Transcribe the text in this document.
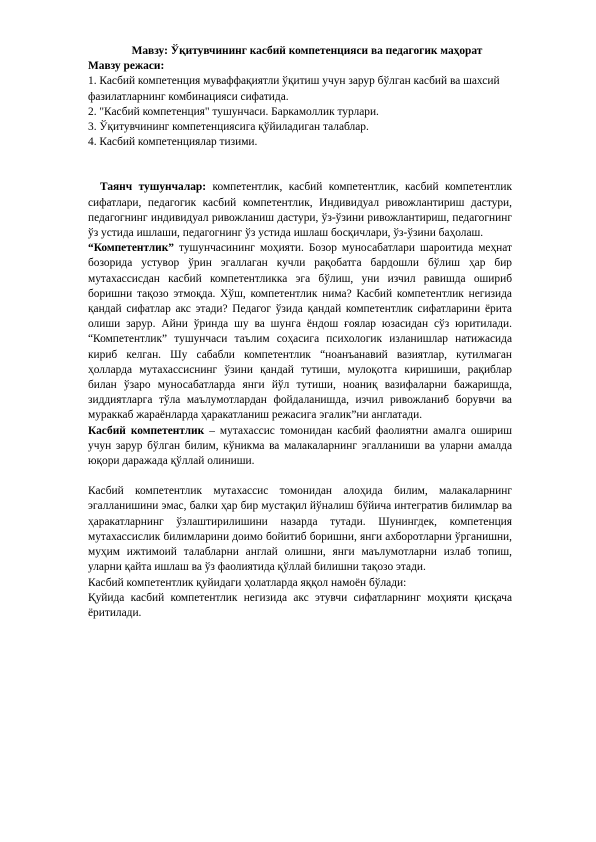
Мавзу: Ўқитувчининг касбий компетенцияси ва педагогик маҳорат

Мавзу режаси:

1. Касбий компетенция муваффақиятли ўқитиш учун зарур бўлган касбий ва шахсий фазилатларнинг комбинацияси сифатида.
2. "Касбий компетенция" тушунчаси. Баркамоллик турлари.
3. Ўқитувчининг компетенциясига қўйиладиган талаблар.
4. Касбий компетенциялар тизими.

Таянч тушунчалар: компетентлик, касбий компетентлик, касбий компетентлик сифатлари, педагогик касбий компетентлик, Индивидуал ривожлантириш дастури, педагогнинг индивидуал ривожланиш дастури, ўз-ўзини ривожлантириш, педагогнинг ўз устида ишлаши, педагогнинг ўз устида ишлаш босқичлари, ўз-ўзини баҳолаш.

“Компетентлик” тушунчасининг моҳияти. Бозор муносабатлари шароитида меҳнат бозорида устувор ўрин эгаллаган кучли рақобатга бардошли бўлиш ҳар бир мутахассисдан касбий компетентликка эга бўлиш, уни изчил равишда ошириб боришни тақозо этмоқда. Хўш, компетентлик нима? Касбий компетентлик негизида қандай сифатлар акс этади? Педагог ўзида қандай компетентлик сифатларини ёрита олиши зарур. Айни ўринда шу ва шунга ёндош ғоялар юзасидан сўз юритилади. “Компетентлик” тушунчаси таълим соҳасига психологик изланишлар натижасида кириб келган. Шу сабабли компетентлик “ноанъанавий вазиятлар, кутилмаган ҳолларда мутахассиснинг ўзини қандай тутиши, мулоқотга киришиши, рақиблар билан ўзаро муносабатларда янги йўл тутиши, ноаниқ вазифаларни бажаришда, зиддиятларга тўла маълумотлардан фойдаланишда, изчил ривожланиб борувчи ва мураккаб жараёнларда ҳаракатланиш режасига эгалик”ни англатади.

Касбий компетентлик – мутахассис томонидан касбий фаолиятни амалга ошириш учун зарур бўлган билим, кўникма ва малакаларнинг эгалланиши ва уларни амалда юқори даражада қўллай олиниши.

Касбий компетентлик мутахассис томонидан алоҳида билим, малакаларнинг эгалланишини эмас, балки ҳар бир мустақил йўналиш бўйича интегратив билимлар ва ҳаракатларнинг ўзлаштирилишини назарда тутади. Шунингдек, компетенция мутахассислик билимларини доимо бойитиб боришни, янги ахборотларни ўрганишни, муҳим ижтимоий талабларни англай олишни, янги маълумотларни излаб топиш, уларни қайта ишлаш ва ўз фаолиятида қўллай билишни тақозо этади.

Касбий компетентлик қуйидаги ҳолатларда яққол намоён бўлади:

Қуйида касбий компетентлик негизида акс этувчи сифатларнинг моҳияти қисқача ёритилади.
